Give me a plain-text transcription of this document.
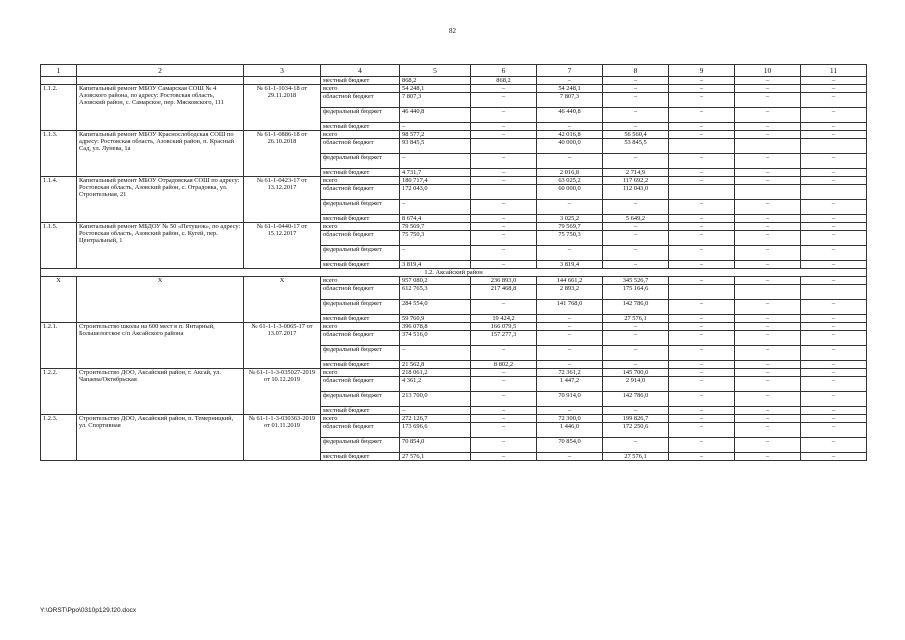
82
1	2	3	4	5	6	7	8	9	10	11
			местный бюджет	868,2	868,2	–	–	–	–	–
1.1.2.	Капитальный ремонт МБОУ Самарская СОШ № 4 Азовского района, по адресу: Ростовская область, Азовский район, с. Самарское, пер. Мясковского, 111	№ 61-1-1034-18 от 29.11.2018	всего	54 248,1	–	54 248,1	–	–	–	–
			областной бюджет	7 807,3	–	7 807,3	–	–	–	–
			федеральный бюджет	46 440,8	–	46 440,8	–	–	–	–
			местный бюджет	–	–	–	–	–	–	–
1.1.3.	Капитальный ремонт МБОУ Краснослободская СОШ по адресу: Ростовская область, Азовский район, п. Красный Сад, ул. Лунева, 1а	№ 61-1-0886-18 от 26.10.2018	всего	98 577,2	–	42 016,8	56 560,4	–	–	–
			областной бюджет	93 845,5		40 000,0	53 845,5			
			федеральный бюджет	–	–	–	–	–	–	–
			местный бюджет	4 731,7	–	2 016,8	2 714,9	–	–	–
1.1.4.	Капитальный ремонт МБОУ Отрадовская СОШ по адресу: Ростовская область, Азовский район, с. Отрадовка, ул. Строительная, 21	№ 61-1-0423-17 от 13.12.2017	всего	180 717,4	–	63 025,2	117 692,2	–	–	–
			областной бюджет	172 043,0		60 000,0	112 043,0			
			федеральный бюджет	–	–	–	–	–	–	–
			местный бюджет	8 674,4	–	3 025,2	5 649,2	–	–	–
1.1.5.	Капитальный ремонт МБДОУ № 50 «Петушок», по адресу: Ростовская область, Азовский район, с. Кугей, пер. Центральный, 1	№ 61-1-0440-17 от 15.12.2017	всего	79 569,7	–	79 569,7	–	–	–	–
			областной бюджет	75 750,3	–	75 750,3	–	–	–	–
			федеральный бюджет	–	–	–	–	–	–	–
			местный бюджет	3 819,4	–	3 819,4	–	–	–	–
1.2. Аксайский район										
Х	Х	Х	всего	957 080,2	236 893,0	144 661,2	345 526,7	–	–	–
			областной бюджет	612 765,3	217 468,8	2 893,2	175 164,6			
			федеральный бюджет	284 554,0	–	141 768,0	142 786,0	–	–	–
			местный бюджет	59 760,9	19 424,2	–	27 576,1	–	–	–
1.2.1.	Строительство школы на 600 мест в п. Янтарный, Большелогское с/п Аксайского района	№ 61-1-1-3-0065-17 от 13.07.2017	всего	396 078,8	166 079,5	–	–	–	–	–
			областной бюджет	374 516,0	157 277,3	–	–	–	–	–
			федеральный бюджет	–	–	–	–	–	–	–
			местный бюджет	21 562,8	8 802,2	–	–	–	–	–
1.2.2.	Строительство ДОО, Аксайский район, г. Аксай, ул. Чапаева/Октябрьская	№ 61-1-1-3-035027-2019 от 10.12.2019	всего	218 061,2	–	72 361,2	145 700,0	–	–	–
			областной бюджет	4 361,2	–	1 447,2	2 914,0	–	–	–
			федеральный бюджет	213 700,0	–	70 914,0	142 786,0	–	–	–
			местный бюджет	–	–	–	–	–	–	–
1.2.3.	Строительство ДОО, Аксайский район, п. Темерницкий, ул. Спортивная	№ 61-1-1-3-030363-2019 от 01.11.2019	всего	272 126,7	–	72 300,0	199 826,7	–	–	–
			областной бюджет	173 696,6	–	1 446,0	172 250,6	–	–	–
			федеральный бюджет	70 854,0	–	70 854,0	–	–	–	–
			местный бюджет	27 576,1	–	–	27 576,1	–	–	–
Y:\ORST\Ppo\0310p129.f20.docx
